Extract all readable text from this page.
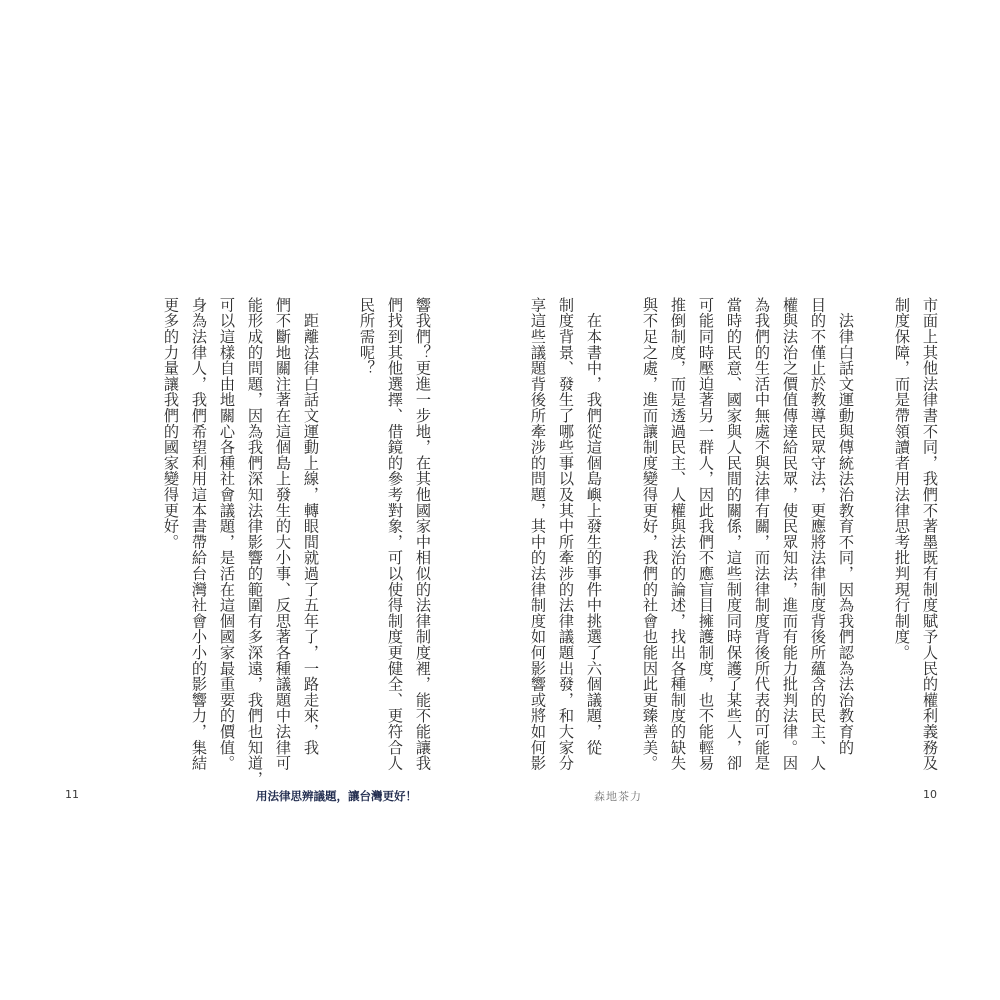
市面上其他法律書不同，我們不著墨既有制度賦予人民的權利義務及
制度保障，而是帶領讀者用法律思考批判現行制度。
　法律白話文運動與傳統法治教育不同，因為我們認為法治教育的
目的不僅止於教導民眾守法，更應將法律制度背後所蘊含的民主、人
權與法治之價值傳達給民眾，使民眾知法，進而有能力批判法律。因
為我們的生活中無處不與法律有關，而法律制度背後所代表的可能是
當時的民意、國家與人民間的關係，這些制度同時保護了某些人，卻
可能同時壓迫著另一群人，因此我們不應盲目擁護制度，也不能輕易
推倒制度，而是透過民主、人權與法治的論述，找出各種制度的缺失
與不足之處，進而讓制度變得更好，我們的社會也能因此更臻善美。
　在本書中，我們從這個島嶼上發生的事件中挑選了六個議題，從
制度背景、發生了哪些事以及其中所牽涉的法律議題出發，和大家分
享這些議題背後所牽涉的問題，其中的法律制度如何影響或將如何影
響我們？更進一步地，在其他國家中相似的法律制度裡，能不能讓我
們找到其他選擇、借鏡的參考對象，可以使得制度更健全、更符合人
民所需呢？
　距離法律白話文運動上線，轉眼間就過了五年了，一路走來，我
們不斷地關注著在這個島上發生的大小事、反思著各種議題中法律可
能形成的問題，因為我們深知法律影響的範圍有多深遠，我們也知道，
可以這樣自由地關心各種社會議題，是活在這個國家最重要的價值。
身為法律人，我們希望利用這本書帶給台灣社會小小的影響力，集結
更多的力量讓我們的國家變得更好。
11	用法律思辨議題，讓台灣更好！	森地茶力	10
